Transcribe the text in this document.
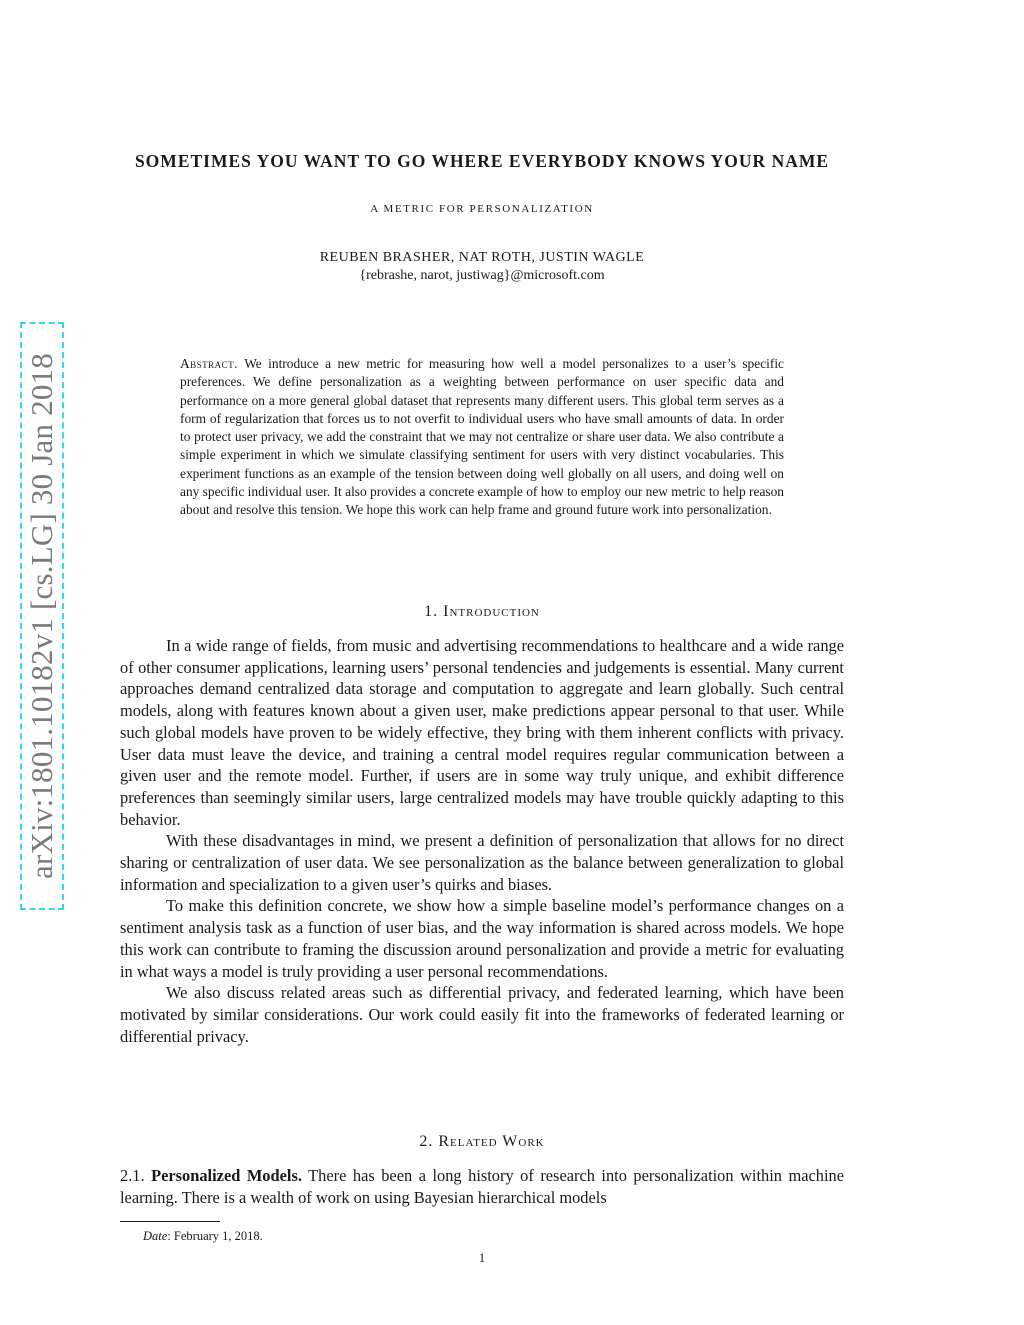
arXiv:1801.10182v1 [cs.LG] 30 Jan 2018
SOMETIMES YOU WANT TO GO WHERE EVERYBODY KNOWS YOUR NAME
A METRIC FOR PERSONALIZATION
REUBEN BRASHER, NAT ROTH, JUSTIN WAGLE
{rebrashe, narot, justiwag}@microsoft.com
Abstract. We introduce a new metric for measuring how well a model personalizes to a user’s specific preferences. We define personalization as a weighting between performance on user specific data and performance on a more general global dataset that represents many different users. This global term serves as a form of regularization that forces us to not overfit to individual users who have small amounts of data. In order to protect user privacy, we add the constraint that we may not centralize or share user data. We also contribute a simple experiment in which we simulate classifying sentiment for users with very distinct vocabularies. This experiment functions as an example of the tension between doing well globally on all users, and doing well on any specific individual user. It also provides a concrete example of how to employ our new metric to help reason about and resolve this tension. We hope this work can help frame and ground future work into personalization.
1. Introduction

In a wide range of fields, from music and advertising recommendations to healthcare and a wide range of other consumer applications, learning users’ personal tendencies and judgements is essential. Many current approaches demand centralized data storage and computation to aggregate and learn globally. Such central models, along with features known about a given user, make predictions appear personal to that user. While such global models have proven to be widely effective, they bring with them inherent conflicts with privacy. User data must leave the device, and training a central model requires regular communication between a given user and the remote model. Further, if users are in some way truly unique, and exhibit difference preferences than seemingly similar users, large centralized models may have trouble quickly adapting to this behavior.

With these disadvantages in mind, we present a definition of personalization that allows for no direct sharing or centralization of user data. We see personalization as the balance between generalization to global information and specialization to a given user’s quirks and biases.

To make this definition concrete, we show how a simple baseline model’s performance changes on a sentiment analysis task as a function of user bias, and the way information is shared across models. We hope this work can contribute to framing the discussion around personalization and provide a metric for evaluating in what ways a model is truly providing a user personal recommendations.

We also discuss related areas such as differential privacy, and federated learning, which have been motivated by similar considerations. Our work could easily fit into the frameworks of federated learning or differential privacy.

2. Related Work

2.1. Personalized Models. There has been a long history of research into personalization within machine learning. There is a wealth of work on using Bayesian hierarchical models

Date: February 1, 2018.
1
